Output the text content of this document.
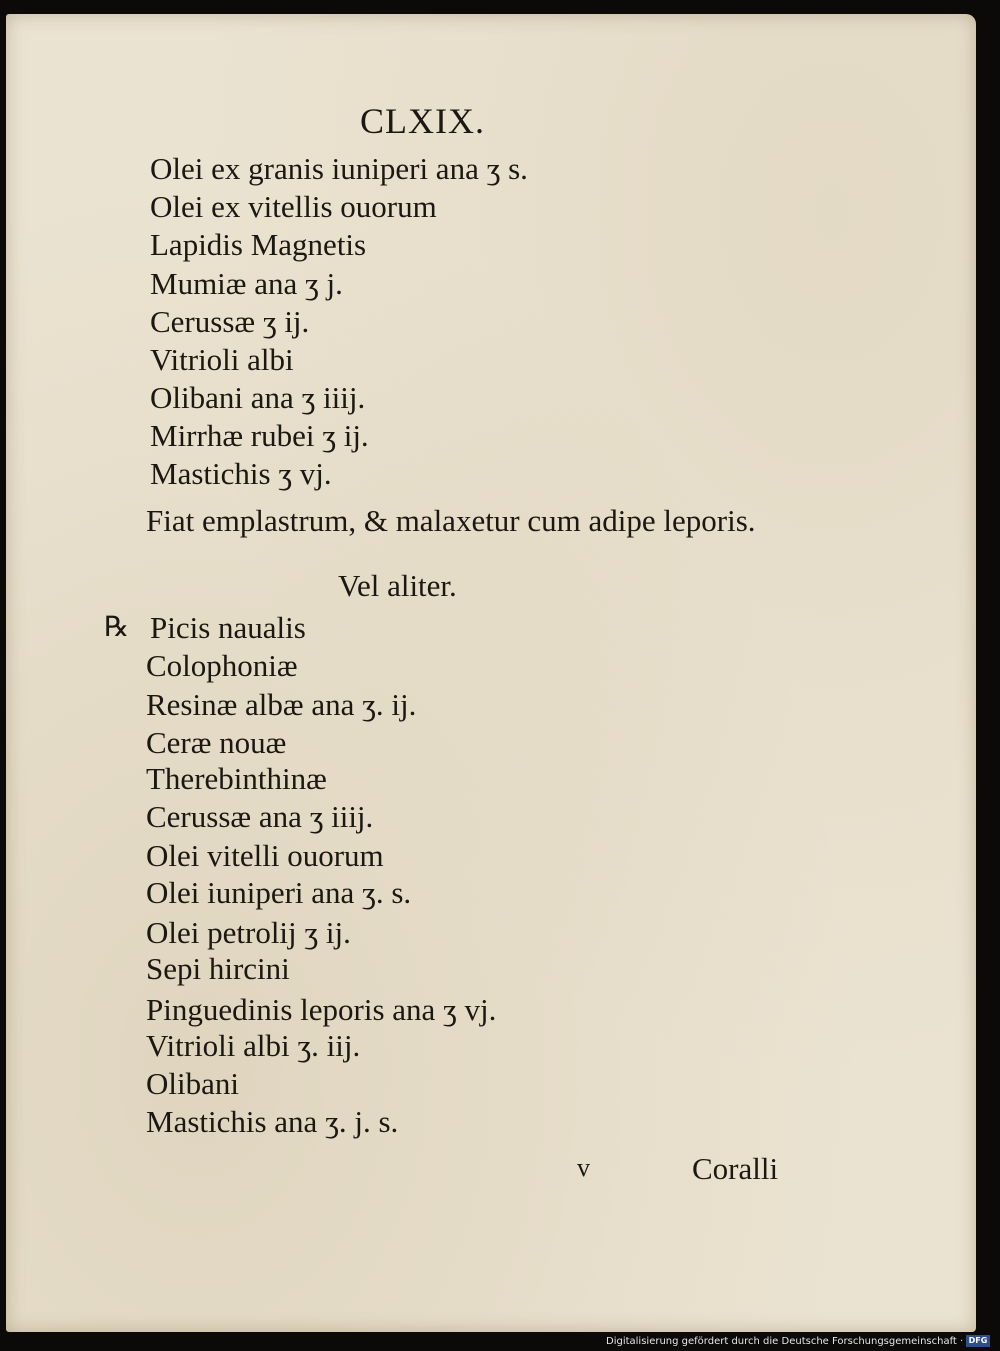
CLXIX.
Olei ex granis iuniperi ana ʒ s.
Olei ex vitellis ouorum
Lapidis Magnetis
Mumiæ ana ʒ j.
Cerussæ ʒ ij.
Vitrioli albi
Olibani ana ʒ iiij.
Mirrhæ rubei ʒ ij.
Mastichis ʒ vj.
Fiat emplastrum, & malaxetur cum adipe leporis.
Vel aliter.
℞ Picis naualis
Colophoniæ
Resinæ albæ ana ʒ. ij.
Ceræ nouæ
Therebinthinæ
Cerussæ ana ʒ iiij.
Olei vitelli ouorum
Olei iuniperi ana ʒ. s.
Olei petrolij ʒ ij.
Sepi hircini
Pinguedinis leporis ana ʒ vj.
Vitrioli albi ʒ. iij.
Olibani
Mastichis ana ʒ. j. s.
v	Coralli
Digitalisierung gefördert durch die Deutsche Forschungsgemeinschaft · DFG
